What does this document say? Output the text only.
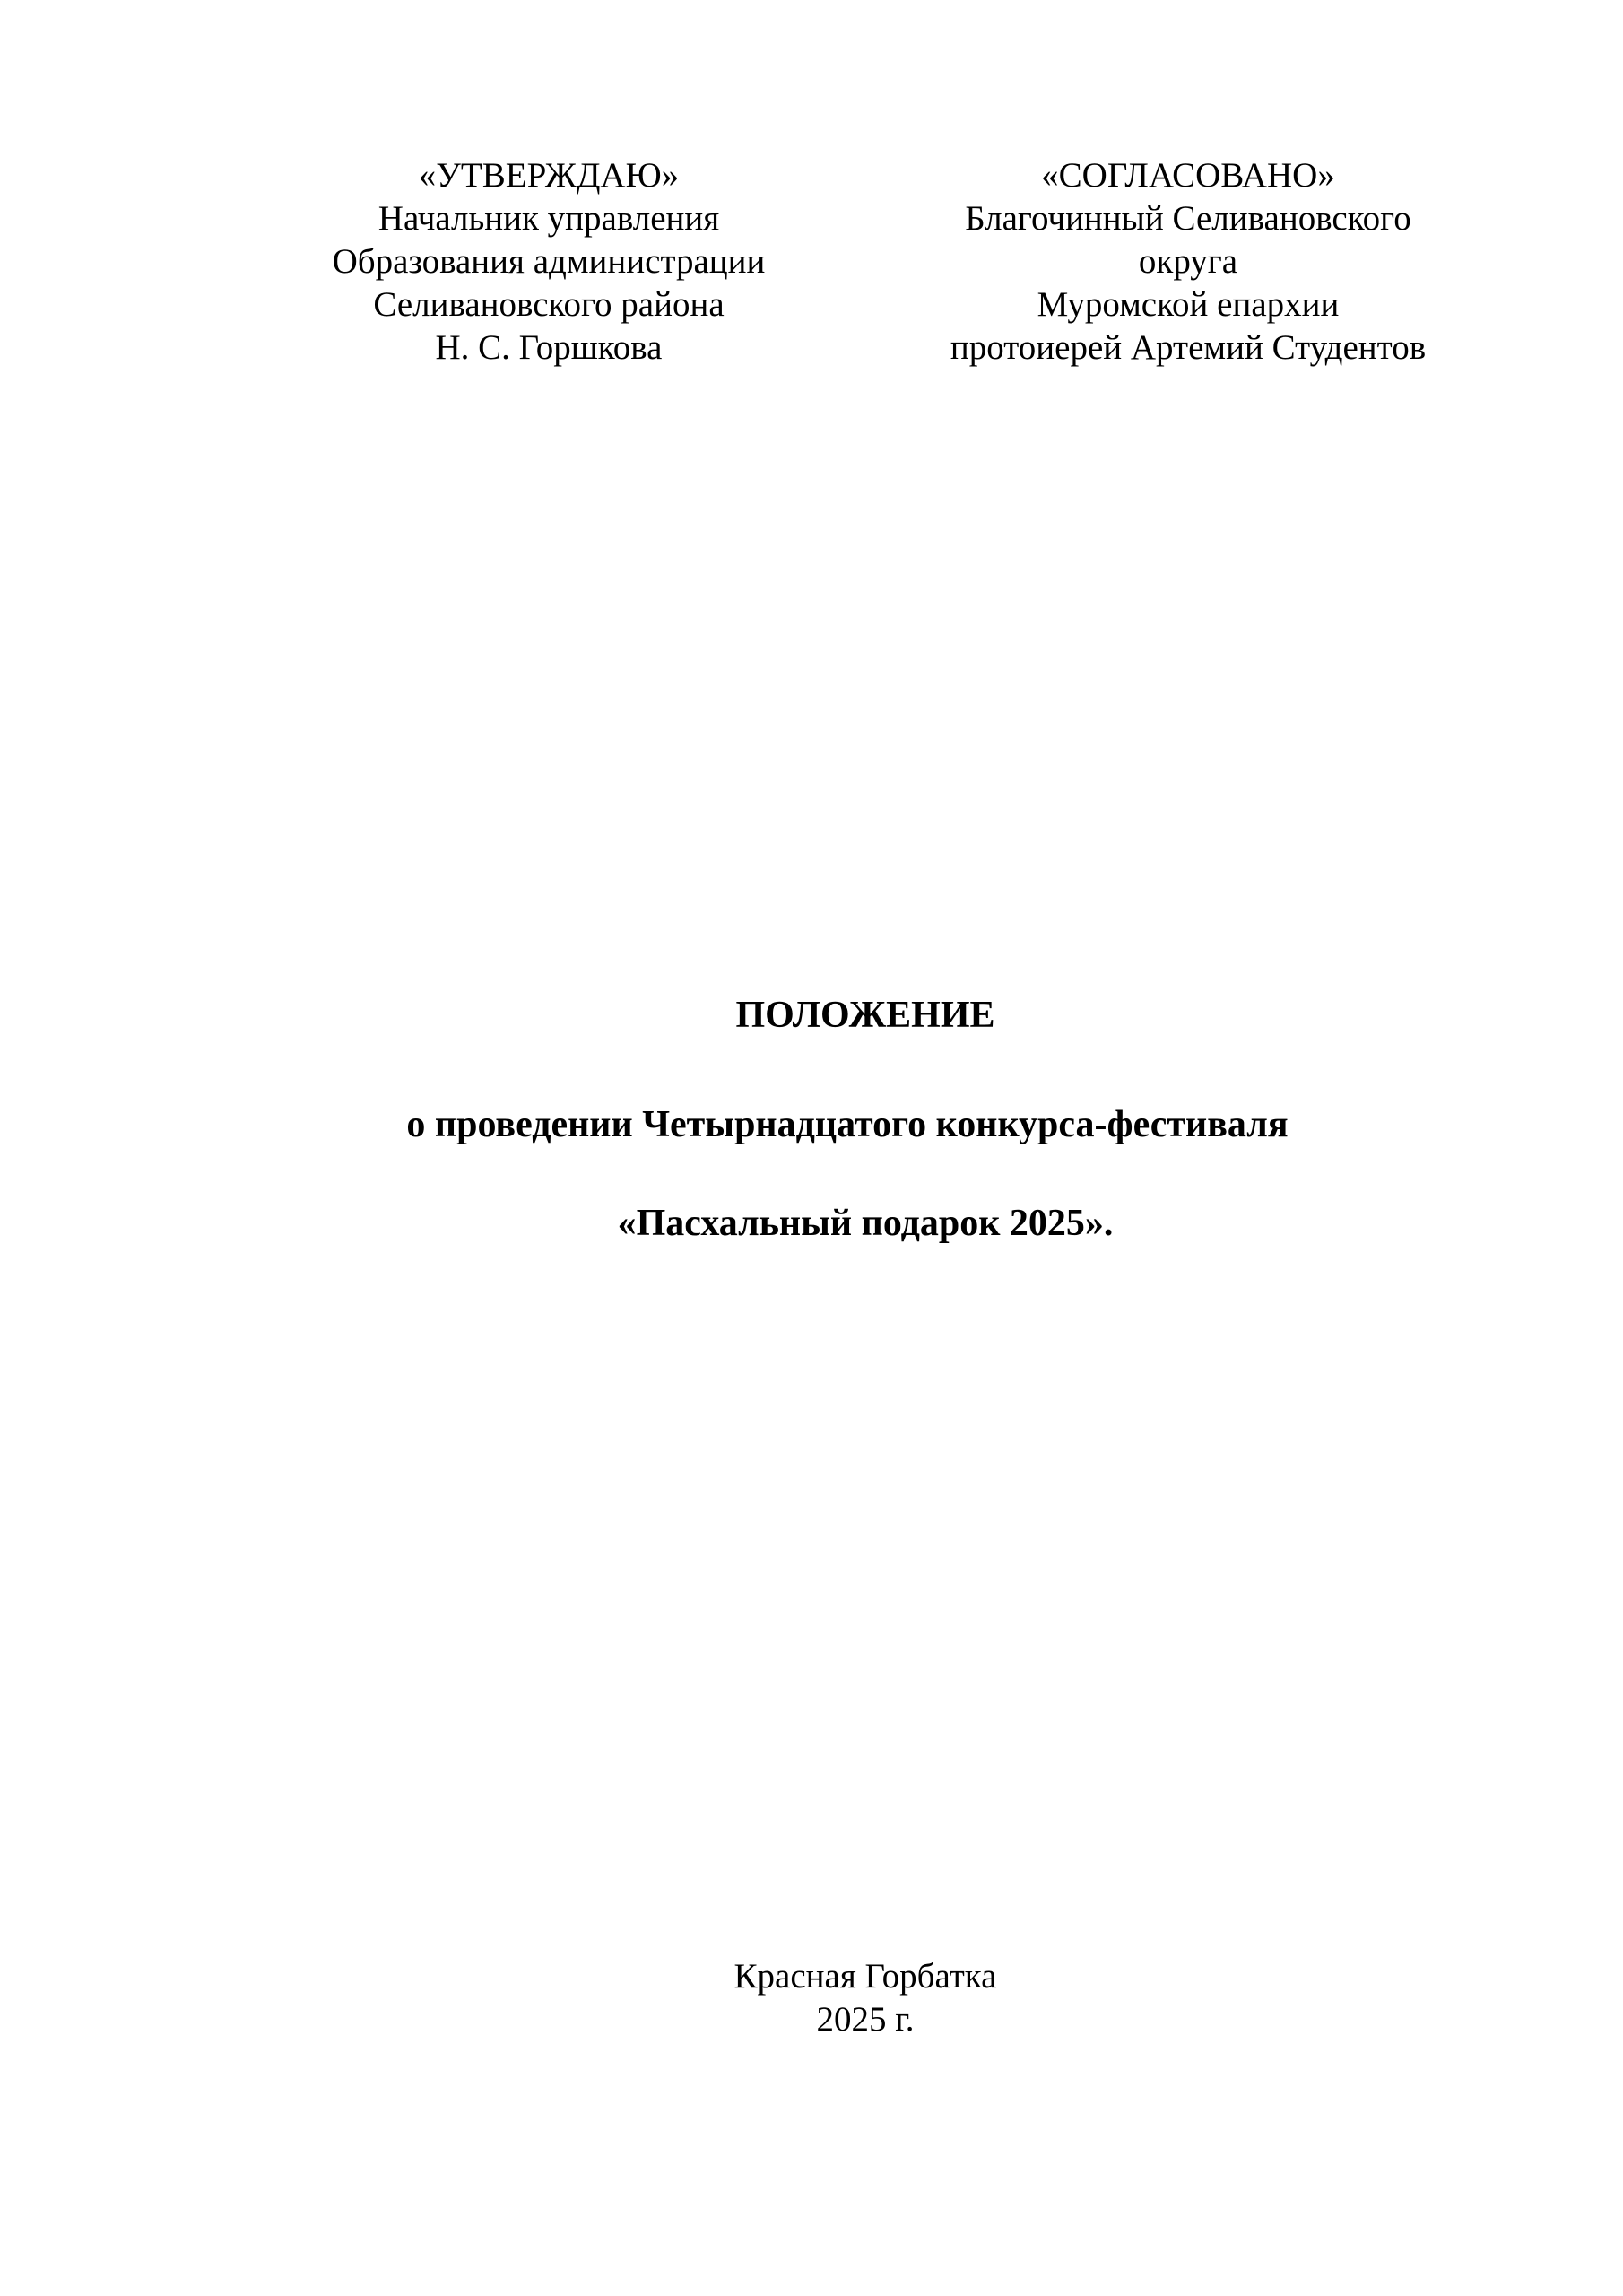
«УТВЕРЖДАЮ»
Начальник управления
Образования администрации
Селивановского района
Н. С. Горшкова
«СОГЛАСОВАНО»
Благочинный Селивановского
округа
Муромской епархии
протоиерей Артемий Студентов
ПОЛОЖЕНИЕ
о проведении Четырнадцатого конкурса-фестиваля
«Пасхальный подарок 2025».
Красная Горбатка
2025 г.
